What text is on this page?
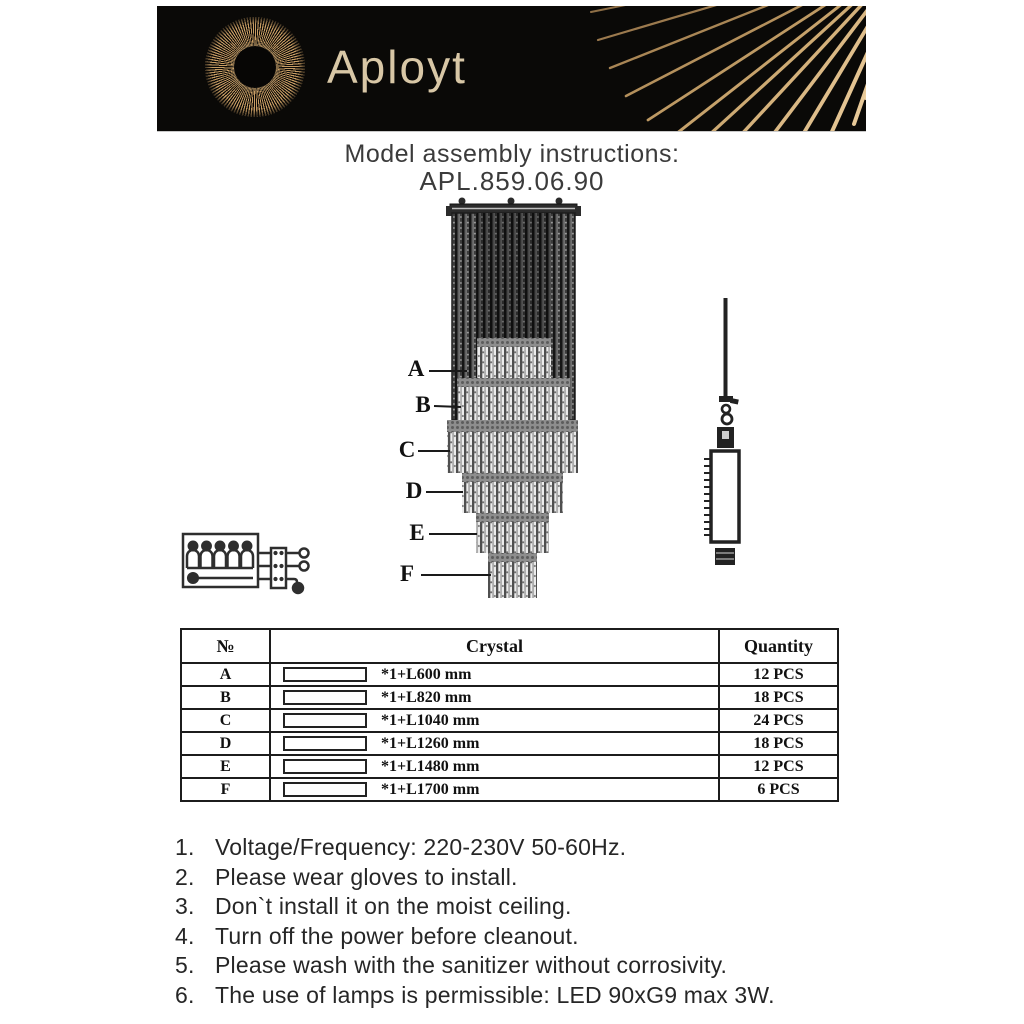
Aployt
Model assembly instructions:
APL.859.06.90
A
B
C
D
E
F
№	Crystal	Quantity
A	*1+L600 mm	12 PCS
B	*1+L820 mm	18 PCS
C	*1+L1040 mm	24 PCS
D	*1+L1260 mm	18 PCS
E	*1+L1480 mm	12 PCS
F	*1+L1700 mm	6 PCS
1. Voltage/Frequency: 220-230V 50-60Hz.
2. Please wear gloves to install.
3. Don`t install it on the moist ceiling.
4. Turn off the power before cleanout.
5. Please wash with the sanitizer without corrosivity.
6. The use of lamps is permissible: LED 90xG9 max 3W.
